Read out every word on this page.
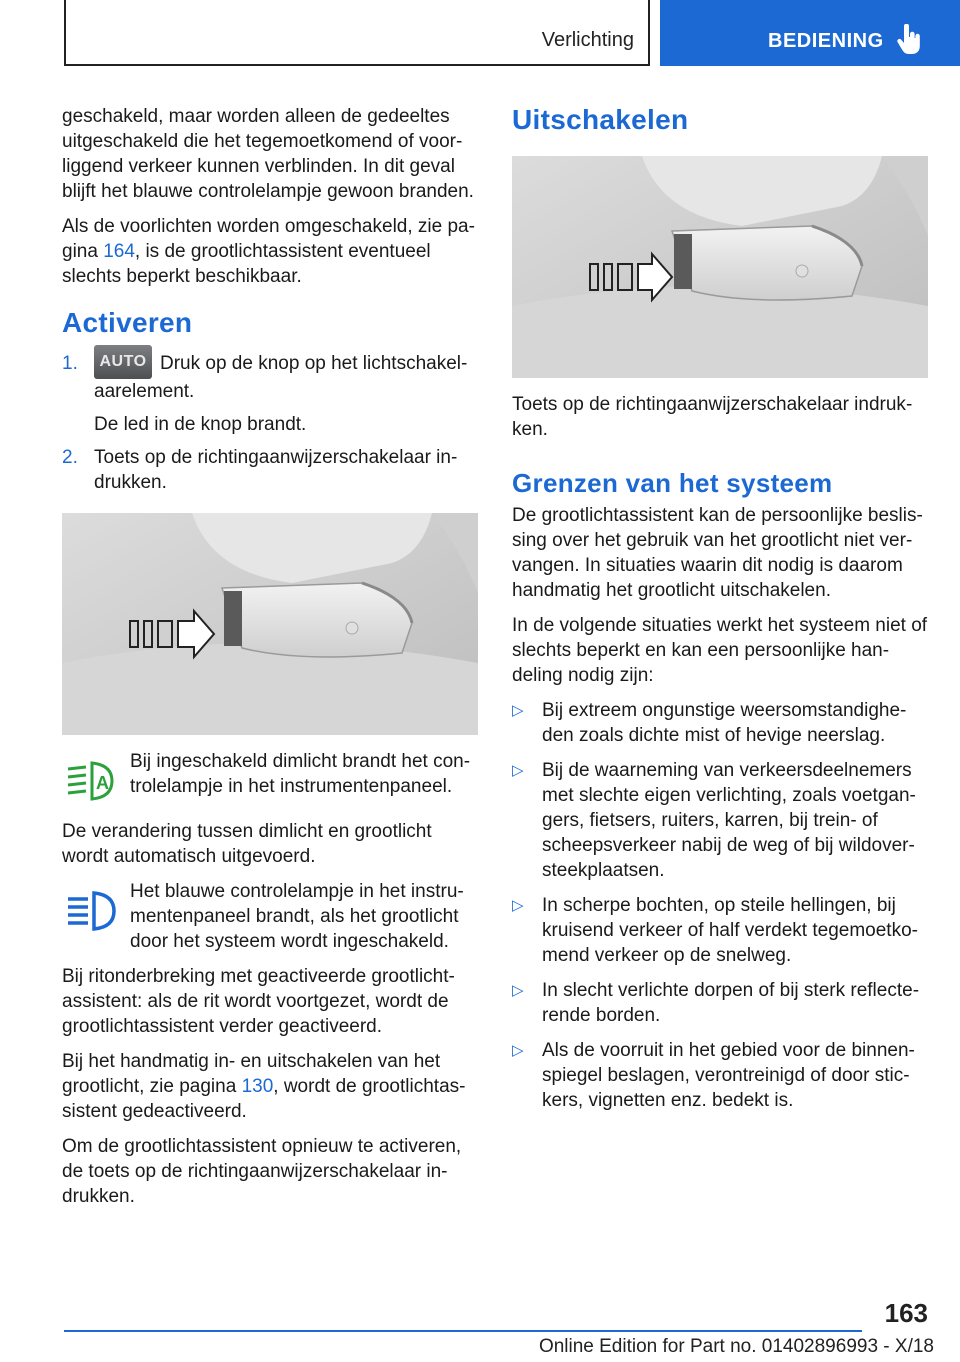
Verlichting	BEDIENING

geschakeld, maar worden alleen de gedeeltes uitgeschakeld die het tegemoetkomend of voorliggend verkeer kunnen verblinden. In dit geval blijft het blauwe controlelampje gewoon branden.

Als de voorlichten worden omgeschakeld, zie pagina 164, is de grootlichtassistent eventueel slechts beperkt beschikbaar.

Activeren
1. AUTO Druk op de knop op het lichtschakelaarelement.

De led in de knop brandt.

2. Toets op de richtingaanwijzerschakelaar indrukken.
A

Bij ingeschakeld dimlicht brandt het controlelampje in het instrumentenpaneel.

De verandering tussen dimlicht en grootlicht wordt automatisch uitgevoerd.

Het blauwe controlelampje in het instrumentenpaneel brandt, als het grootlicht door het systeem wordt ingeschakeld.

Bij ritonderbreking met geactiveerde grootlichtassistent: als de rit wordt voortgezet, wordt de grootlichtassistent verder geactiveerd.

Bij het handmatig in- en uitschakelen van het grootlicht, zie pagina 130, wordt de grootlichtassistent gedeactiveerd.

Om de grootlichtassistent opnieuw te activeren, de toets op de richtingaanwijzerschakelaar indrukken.

Uitschakelen

Toets op de richtingaanwijzerschakelaar indrukken.

Grenzen van het systeem

De grootlichtassistent kan de persoonlijke beslissing over het gebruik van het grootlicht niet vervangen. In situaties waarin dit nodig is daarom handmatig het grootlicht uitschakelen.

In de volgende situaties werkt het systeem niet of slechts beperkt en kan een persoonlijke handeling nodig zijn:

▷ Bij extreem ongunstige weersomstandigheden zoals dichte mist of hevige neerslag.
▷ Bij de waarneming van verkeersdeelnemers met slechte eigen verlichting, zoals voetgangers, fietsers, ruiters, karren, bij trein- of scheepsverkeer nabij de weg of bij wildoversteekplaatsen.
▷ In scherpe bochten, op steile hellingen, bij kruisend verkeer of half verdekt tegemoetkomend verkeer op de snelweg.
▷ In slecht verlichte dorpen of bij sterk reflecterende borden.
▷ Als de voorruit in het gebied voor de binnenspiegel beslagen, verontreinigd of door stickers, vignetten enz. bedekt is.
163
Online Edition for Part no. 01402896993 - X/18
